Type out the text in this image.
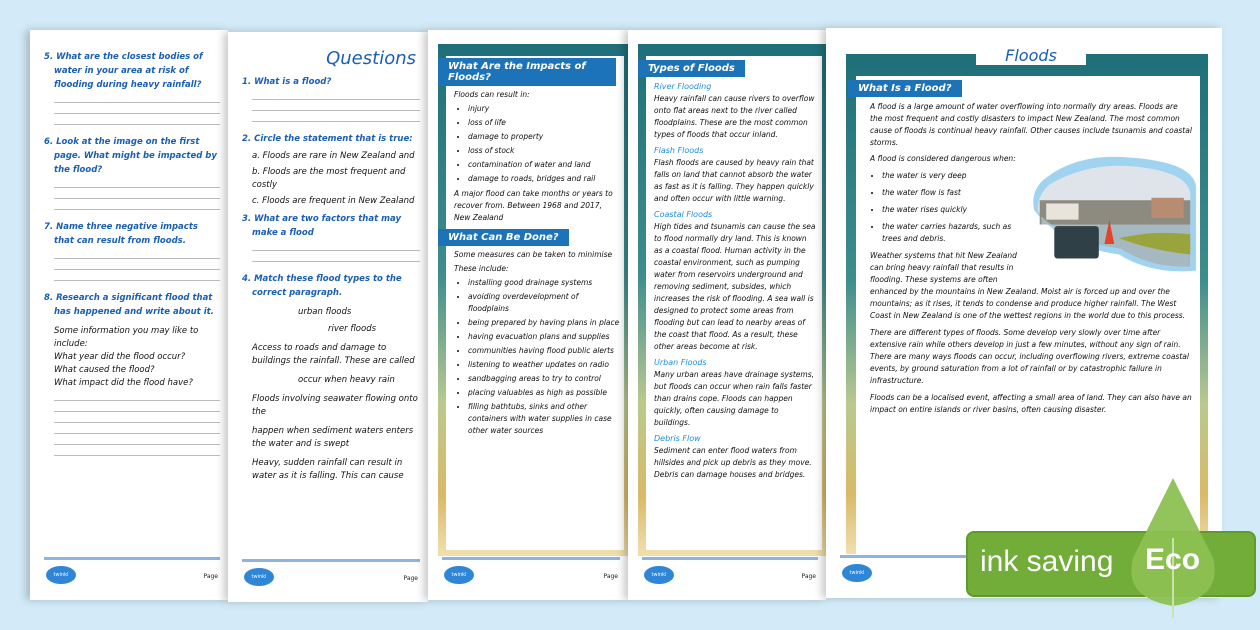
5. What are the closest bodies of water in your area at risk of flooding during heavy rainfall?
6. Look at the image on the first page. What might be impacted by the flood?
7. Name three negative impacts that can result from floods.
8. Research a significant flood that has happened and write about it.
Some information you may like to include:
What year did the flood occur?
What caused the flood?
What impact did the flood have?
twinkl	Page
Questions
1. What is a flood?
2. Circle the statement that is true:
a. Floods are rare in New Zealand and
b. Floods are the most frequent and costly
c. Floods are frequent in New Zealand
3. What are two factors that may make a flood
4. Match these flood types to the correct paragraph.
urban floods
river floods
Access to roads and damage to buildings the rainfall. These are called
occur when heavy rain
Floods involving seawater flowing onto the
happen when sediment waters enters the water and is swept
Heavy, sudden rainfall can result in water as it is falling. This can cause
twinkl	Page
What Are the Impacts of Floods?
Floods can result in:
• injury
• loss of life
• damage to property
• loss of stock
• contamination of water and land
• damage to roads, bridges and rail
A major flood can take months or years to recover from. Between 1968 and 2017, New Zealand
What Can Be Done?
Some measures can be taken to minimise
These include:
• installing good drainage systems
• avoiding overdevelopment of floodplains
• being prepared by having plans in place
• having evacuation plans and supplies
• communities having flood public alerts
• listening to weather updates on radio
• sandbagging areas to try to control
• placing valuables as high as possible
• filling bathtubs, sinks and other containers with water supplies in case other water sources
twinkl	Page
Types of Floods
River Flooding
Heavy rainfall can cause rivers to overflow onto flat areas next to the river called floodplains. These are the most common types of floods that occur inland.
Flash Floods
Flash floods are caused by heavy rain that falls on land that cannot absorb the water as fast as it is falling. They happen quickly and often occur with little warning.
Coastal Floods
High tides and tsunamis can cause the sea to flood normally dry land. This is known as a coastal flood. Human activity in the coastal environment, such as pumping water from reservoirs underground and removing sediment, subsides, which increases the risk of flooding. A sea wall is designed to protect some areas from flooding but can lead to nearby areas of the coast that flood. As a result, these other areas become at risk.
Urban Floods
Many urban areas have drainage systems, but floods can occur when rain falls faster than drains cope. Floods can happen quickly, often causing damage to buildings.
Debris Flow
Sediment can enter flood waters from hillsides and pick up debris as they move. Debris can damage houses and bridges.
twinkl	Page
Floods
What Is a Flood?
A flood is a large amount of water overflowing into normally dry areas. Floods are the most frequent and costly disasters to impact New Zealand. The most common cause of floods is continual heavy rainfall. Other causes include tsunamis and coastal storms.
A flood is considered dangerous when:
• the water is very deep
• the water flow is fast
• the water rises quickly
• the water carries hazards, such as trees and debris.
Weather systems that hit New Zealand can bring heavy rainfall that results in flooding. These systems are often enhanced by the mountains in New Zealand. Moist air is forced up and over the mountains; as it rises, it tends to condense and produce higher rainfall. The West Coast in New Zealand is one of the wettest regions in the world due to this process.
There are different types of floods. Some develop very slowly over time after extensive rain while others develop in just a few minutes, without any sign of rain. There are many ways floods can occur, including overflowing rivers, extreme coastal events, by ground saturation from a lot of rainfall or by catastrophic failure in infrastructure.
Floods can be a localised event, affecting a small area of land. They can also have an impact on entire islands or river basins, often causing disaster.
twinkl	ink saving Eco
